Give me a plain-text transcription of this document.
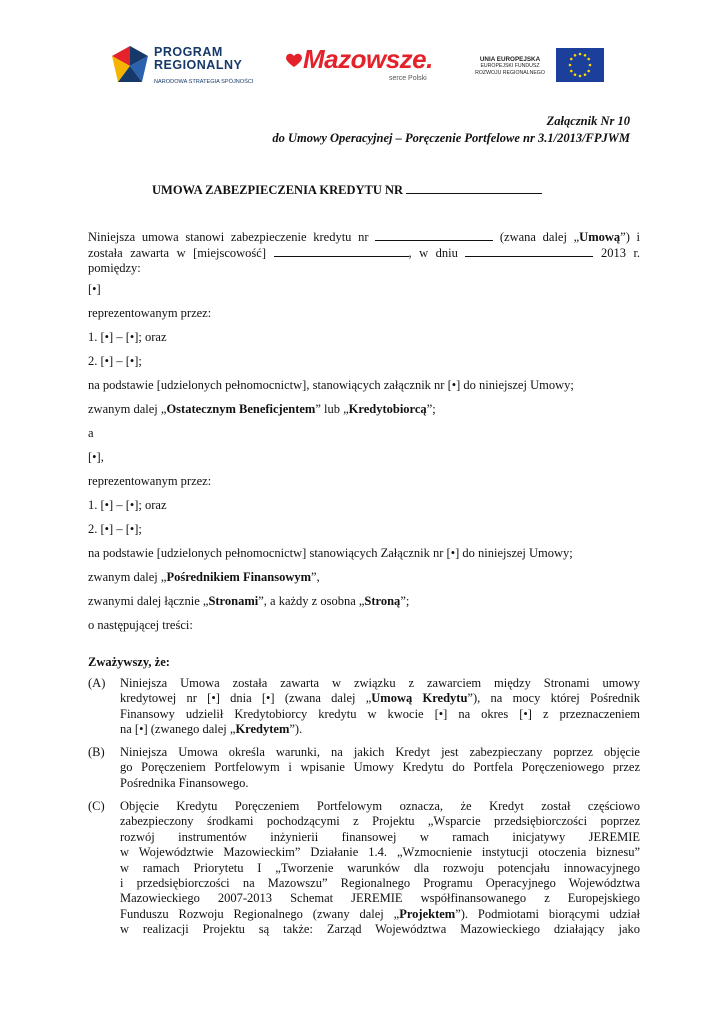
PROGRAM
REGIONALNY
NARODOWA STRATEGIA SPÓJNOŚCI
Mazowsze.
serce Polski
UNIA EUROPEJSKA
EUROPEJSKI FUNDUSZ
ROZWOJU REGIONALNEGO
Załącznik Nr 10
do Umowy Operacyjnej – Poręczenie Portfelowe nr 3.1/2013/FPJWM
UMOWA ZABEZPIECZENIA KREDYTU NR
Niniejsza umowa stanowi zabezpieczenie kredytu nr	(zwana dalej „Umową”) i
została zawarta w [miejscowość]	, w dniu	2013 r.
pomiędzy:
[•]
reprezentowanym przez:
1. [•] – [•]; oraz
2. [•] – [•];
na podstawie [udzielonych pełnomocnictw], stanowiących załącznik nr [•] do niniejszej Umowy;
zwanym dalej „Ostatecznym Beneficjentem” lub „Kredytobiorcą”;
a
[•],
reprezentowanym przez:
1. [•] – [•]; oraz
2. [•] – [•];
na podstawie [udzielonych pełnomocnictw] stanowiących Załącznik nr [•] do niniejszej Umowy;
zwanym dalej „Pośrednikiem Finansowym”,
zwanymi dalej łącznie „Stronami”, a każdy z osobna „Stroną”;
o następującej treści:
Zważywszy, że:
(A) Niniejsza Umowa została zawarta w związku z zawarciem między Stronami umowy
kredytowej nr [•] dnia [•] (zwana dalej „Umową Kredytu”), na mocy której Pośrednik
Finansowy udzielił Kredytobiorcy kredytu w kwocie [•] na okres [•] z przeznaczeniem
na [•] (zwanego dalej „Kredytem”).
(B) Niniejsza Umowa określa warunki, na jakich Kredyt jest zabezpieczany poprzez objęcie
go Poręczeniem Portfelowym i wpisanie Umowy Kredytu do Portfela Poręczeniowego przez
Pośrednika Finansowego.
(C) Objęcie Kredytu Poręczeniem Portfelowym oznacza, że Kredyt został częściowo
zabezpieczony środkami pochodzącymi z Projektu „Wsparcie przedsiębiorczości poprzez
rozwój instrumentów inżynierii finansowej w ramach inicjatywy JEREMIE
w Województwie Mazowieckim” Działanie 1.4. „Wzmocnienie instytucji otoczenia biznesu”
w ramach Priorytetu I „Tworzenie warunków dla rozwoju potencjału innowacyjnego
i przedsiębiorczości na Mazowszu” Regionalnego Programu Operacyjnego Województwa
Mazowieckiego 2007-2013 Schemat JEREMIE współfinansowanego z Europejskiego
Funduszu Rozwoju Regionalnego (zwany dalej „Projektem”). Podmiotami biorącymi udział
w realizacji Projektu są także: Zarząd Województwa Mazowieckiego działający jako
